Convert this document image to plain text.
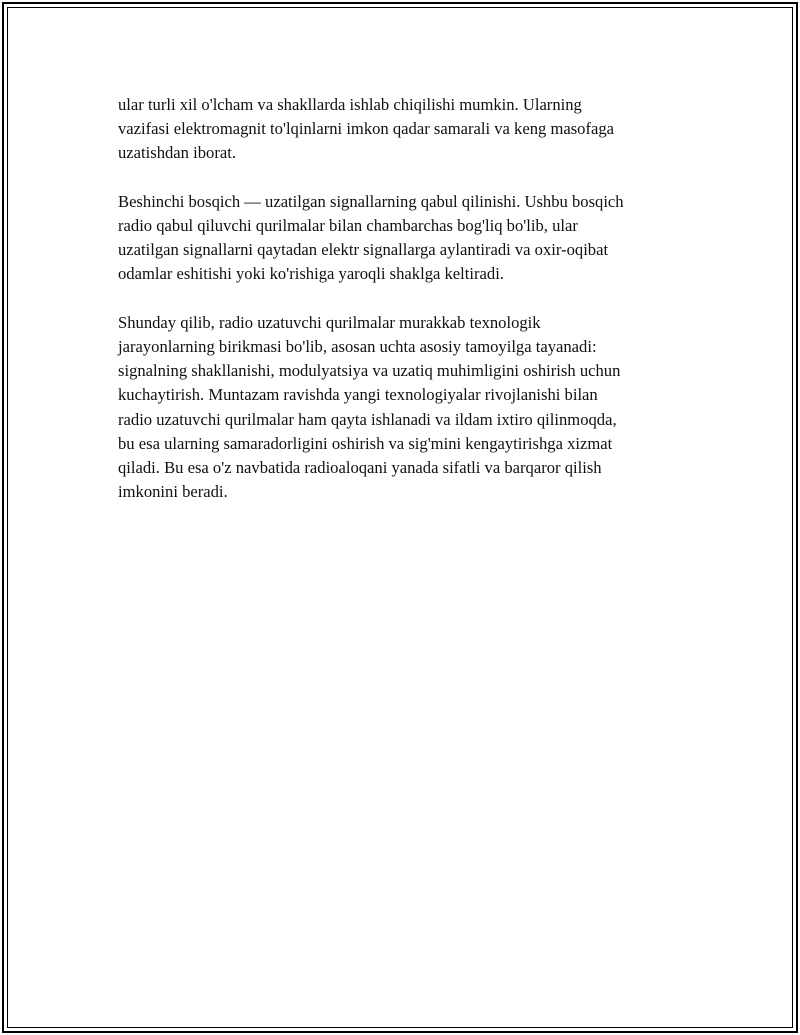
ular turli xil o'lcham va shakllarda ishlab chiqilishi mumkin. Ularning
vazifasi elektromagnit to'lqinlarni imkon qadar samarali va keng masofaga
uzatishdan iborat.

Beshinchi bosqich — uzatilgan signallarning qabul qilinishi. Ushbu bosqich
radio qabul qiluvchi qurilmalar bilan chambarchas bog'liq bo'lib, ular
uzatilgan signallarni qaytadan elektr signallarga aylantiradi va oxir-oqibat
odamlar eshitishi yoki ko'rishiga yaroqli shaklga keltiradi.

Shunday qilib, radio uzatuvchi qurilmalar murakkab texnologik
jarayonlarning birikmasi bo'lib, asosan uchta asosiy tamoyilga tayanadi:
signalning shakllanishi, modulyatsiya va uzatiq muhimligini oshirish uchun
kuchaytirish. Muntazam ravishda yangi texnologiyalar rivojlanishi bilan
radio uzatuvchi qurilmalar ham qayta ishlanadi va ildam ixtiro qilinmoqda,
bu esa ularning samaradorligini oshirish va sig'mini kengaytirishga xizmat
qiladi. Bu esa o'z navbatida radioaloqani yanada sifatli va barqaror qilish
imkonini beradi.
